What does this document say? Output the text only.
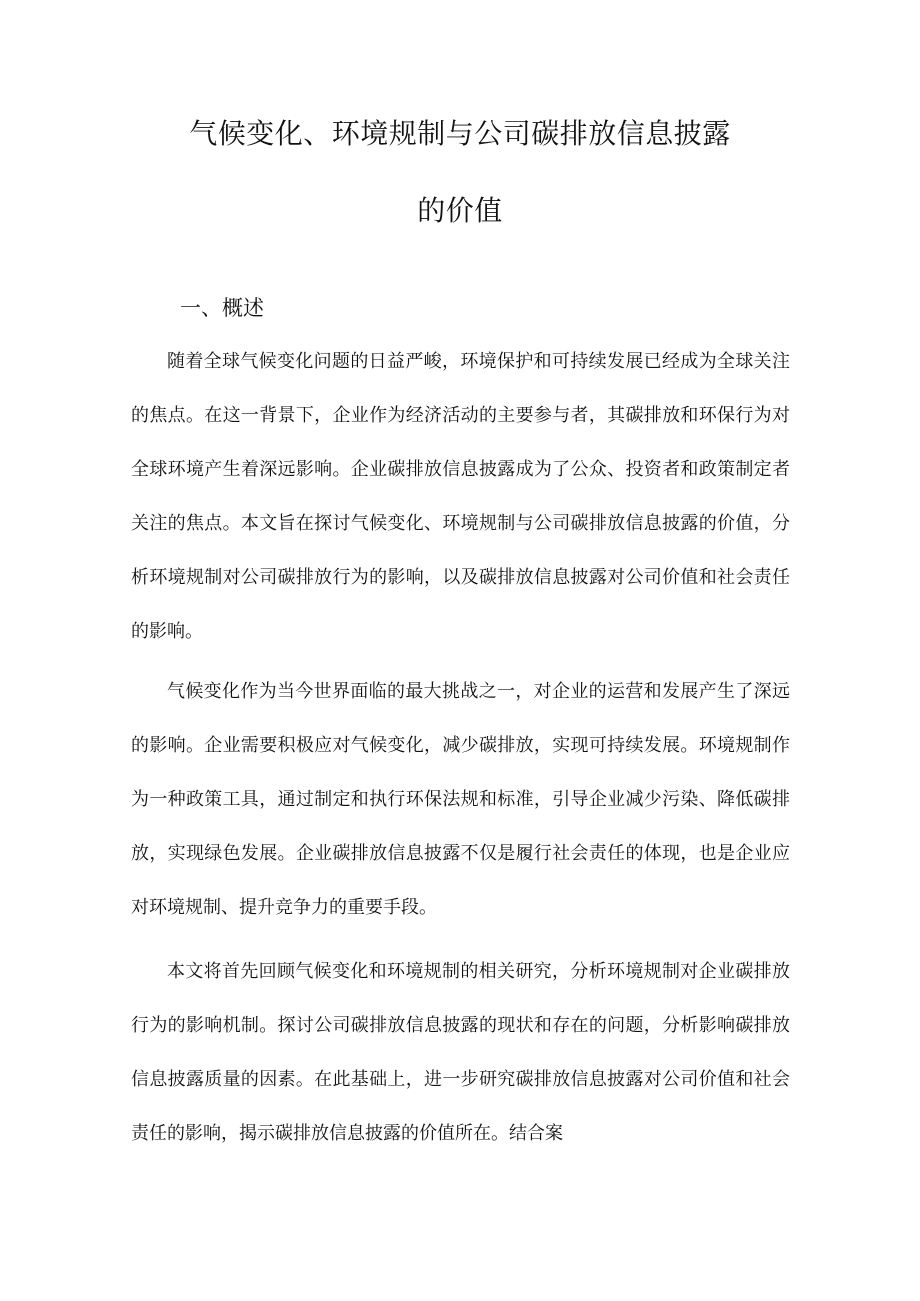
气候变化、环境规制与公司碳排放信息披露
的价值
一、概述

随着全球气候变化问题的日益严峻，环境保护和可持续发展已经成为全球关注的焦点。在这一背景下，企业作为经济活动的主要参与者，其碳排放和环保行为对全球环境产生着深远影响。企业碳排放信息披露成为了公众、投资者和政策制定者关注的焦点。本文旨在探讨气候变化、环境规制与公司碳排放信息披露的价值，分析环境规制对公司碳排放行为的影响，以及碳排放信息披露对公司价值和社会责任的影响。

气候变化作为当今世界面临的最大挑战之一，对企业的运营和发展产生了深远的影响。企业需要积极应对气候变化，减少碳排放，实现可持续发展。环境规制作为一种政策工具，通过制定和执行环保法规和标准，引导企业减少污染、降低碳排放，实现绿色发展。企业碳排放信息披露不仅是履行社会责任的体现，也是企业应对环境规制、提升竞争力的重要手段。

本文将首先回顾气候变化和环境规制的相关研究，分析环境规制对企业碳排放行为的影响机制。探讨公司碳排放信息披露的现状和存在的问题，分析影响碳排放信息披露质量的因素。在此基础上，进一步研究碳排放信息披露对公司价值和社会责任的影响，揭示碳排放信息披露的价值所在。结合案
